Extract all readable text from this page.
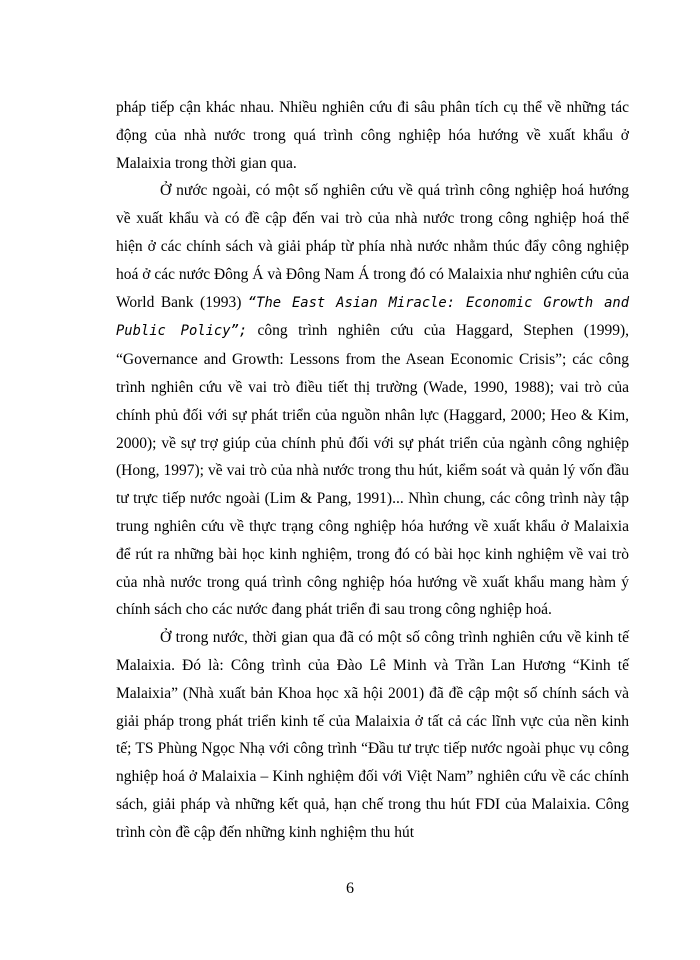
pháp tiếp cận khác nhau. Nhiều nghiên cứu đi sâu phân tích cụ thể về những tác động của nhà nước trong quá trình công nghiệp hóa hướng về xuất khẩu ở Malaixia trong thời gian qua.

Ở nước ngoài, có một số nghiên cứu về quá trình công nghiệp hoá hướng về xuất khẩu và có đề cập đến vai trò của nhà nước trong công nghiệp hoá thể hiện ở các chính sách và giải pháp từ phía nhà nước nhằm thúc đẩy công nghiệp hoá ở các nước Đông Á và Đông Nam Á trong đó có Malaixia như nghiên cứu của World Bank (1993) “The East Asian Miracle: Economic Growth and Public Policy”; công trình nghiên cứu của Haggard, Stephen (1999), “Governance and Growth: Lessons from the Asean Economic Crisis”; các công trình nghiên cứu về vai trò điều tiết thị trường (Wade, 1990, 1988); vai trò của chính phủ đối với sự phát triển của nguồn nhân lực (Haggard, 2000; Heo & Kim, 2000); về sự trợ giúp của chính phủ đối với sự phát triển của ngành công nghiệp (Hong, 1997); về vai trò của nhà nước trong thu hút, kiểm soát và quản lý vốn đầu tư trực tiếp nước ngoài (Lim & Pang, 1991)... Nhìn chung, các công trình này tập trung nghiên cứu về thực trạng công nghiệp hóa hướng về xuất khẩu ở Malaixia để rút ra những bài học kinh nghiệm, trong đó có bài học kinh nghiệm về vai trò của nhà nước trong quá trình công nghiệp hóa hướng về xuất khẩu mang hàm ý chính sách cho các nước đang phát triển đi sau trong công nghiệp hoá.

Ở trong nước, thời gian qua đã có một số công trình nghiên cứu về kinh tế Malaixia. Đó là: Công trình của Đào Lê Minh và Trần Lan Hương “Kinh tế Malaixia” (Nhà xuất bản Khoa học xã hội 2001) đã đề cập một số chính sách và giải pháp trong phát triển kinh tế của Malaixia ở tất cả các lĩnh vực của nền kinh tế; TS Phùng Ngọc Nhạ với công trình “Đầu tư trực tiếp nước ngoài phục vụ công nghiệp hoá ở Malaixia – Kinh nghiệm đối với Việt Nam” nghiên cứu về các chính sách, giải pháp và những kết quả, hạn chế trong thu hút FDI của Malaixia. Công trình còn đề cập đến những kinh nghiệm thu hút

6
